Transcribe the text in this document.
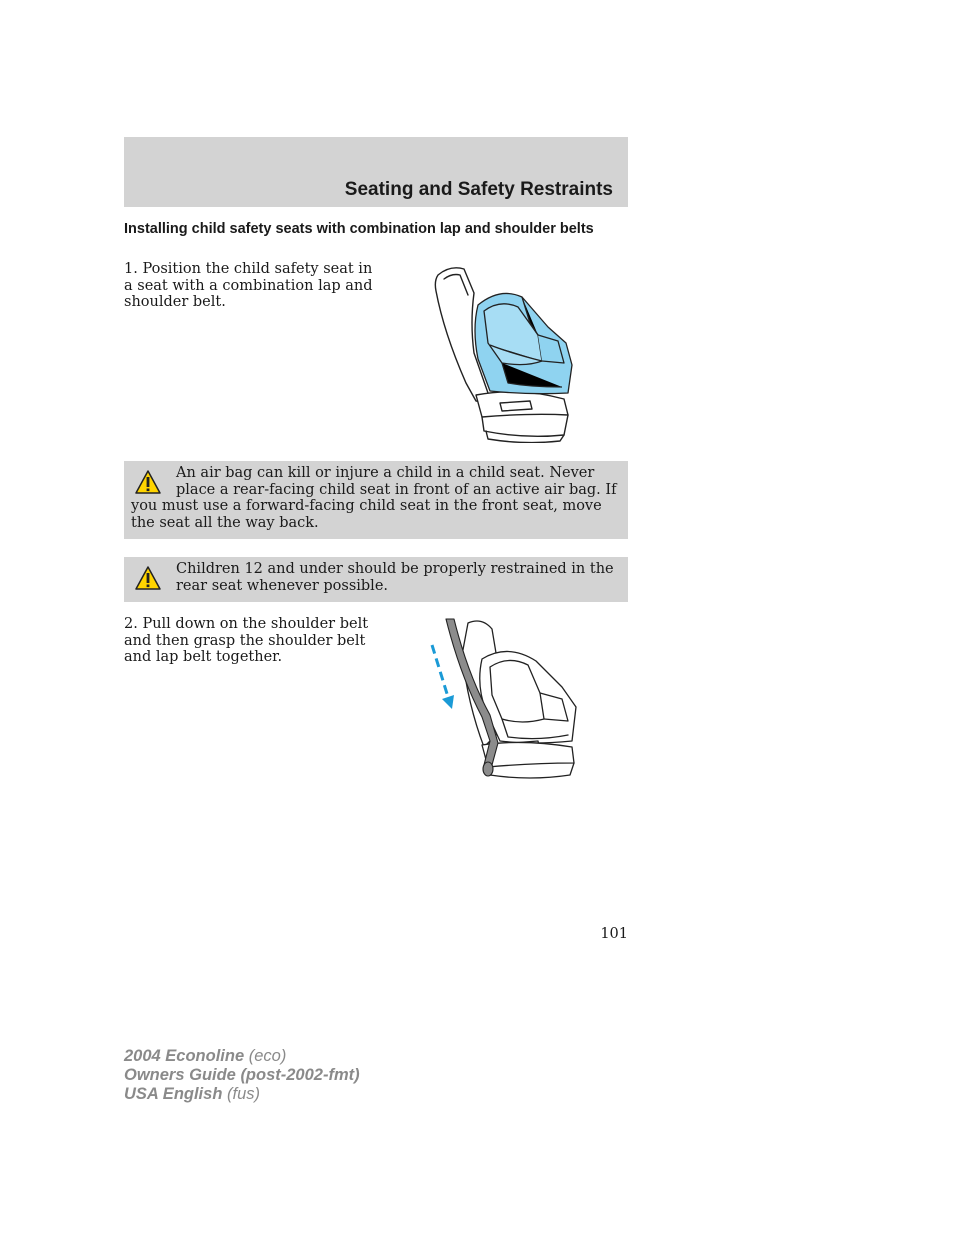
Seating and Safety Restraints
Installing child safety seats with combination lap and shoulder belts
1. Position the child safety seat in a seat with a combination lap and shoulder belt.
An air bag can kill or injure a child in a child seat. Never place a rear-facing child seat in front of an active air bag. If you must use a forward-facing child seat in the front seat, move the seat all the way back.
Children 12 and under should be properly restrained in the rear seat whenever possible.
2. Pull down on the shoulder belt and then grasp the shoulder belt and lap belt together.
101
2004 Econoline (eco)
Owners Guide (post-2002-fmt)
USA English (fus)
